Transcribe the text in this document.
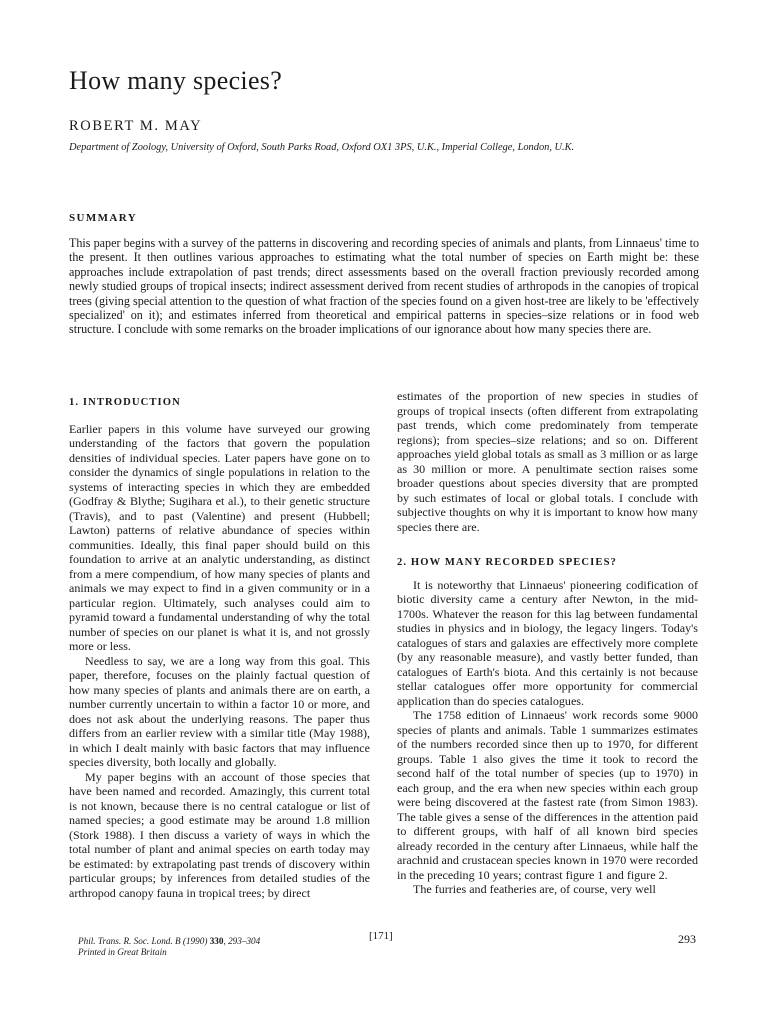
How many species?

ROBERT M. MAY

Department of Zoology, University of Oxford, South Parks Road, Oxford OX1 3PS, U.K., Imperial College, London, U.K.

SUMMARY

This paper begins with a survey of the patterns in discovering and recording species of animals and plants, from Linnaeus' time to the present. It then outlines various approaches to estimating what the total number of species on Earth might be: these approaches include extrapolation of past trends; direct assessments based on the overall fraction previously recorded among newly studied groups of tropical insects; indirect assessment derived from recent studies of arthropods in the canopies of tropical trees (giving special attention to the question of what fraction of the species found on a given host-tree are likely to be 'effectively specialized' on it); and estimates inferred from theoretical and empirical patterns in species–size relations or in food web structure. I conclude with some remarks on the broader implications of our ignorance about how many species there are.

1. INTRODUCTION

Earlier papers in this volume have surveyed our growing understanding of the factors that govern the population densities of individual species. Later papers have gone on to consider the dynamics of single populations in relation to the systems of interacting species in which they are embedded (Godfray & Blythe; Sugihara et al.), to their genetic structure (Travis), and to past (Valentine) and present (Hubbell; Lawton) patterns of relative abundance of species within communities. Ideally, this final paper should build on this foundation to arrive at an analytic understanding, as distinct from a mere compendium, of how many species of plants and animals we may expect to find in a given community or in a particular region. Ultimately, such analyses could aim to pyramid toward a fundamental understanding of why the total number of species on our planet is what it is, and not grossly more or less.

Needless to say, we are a long way from this goal. This paper, therefore, focuses on the plainly factual question of how many species of plants and animals there are on earth, a number currently uncertain to within a factor 10 or more, and does not ask about the underlying reasons. The paper thus differs from an earlier review with a similar title (May 1988), in which I dealt mainly with basic factors that may influence species diversity, both locally and globally.

My paper begins with an account of those species that have been named and recorded. Amazingly, this current total is not known, because there is no central catalogue or list of named species; a good estimate may be around 1.8 million (Stork 1988). I then discuss a variety of ways in which the total number of plant and animal species on earth today may be estimated: by extrapolating past trends of discovery within particular groups; by inferences from detailed studies of the arthropod canopy fauna in tropical trees; by direct

estimates of the proportion of new species in studies of groups of tropical insects (often different from extrapolating past trends, which come predominately from temperate regions); from species–size relations; and so on. Different approaches yield global totals as small as 3 million or as large as 30 million or more. A penultimate section raises some broader questions about species diversity that are prompted by such estimates of local or global totals. I conclude with subjective thoughts on why it is important to know how many species there are.

2. HOW MANY RECORDED SPECIES?

It is noteworthy that Linnaeus' pioneering codification of biotic diversity came a century after Newton, in the mid-1700s. Whatever the reason for this lag between fundamental studies in physics and in biology, the legacy lingers. Today's catalogues of stars and galaxies are effectively more complete (by any reasonable measure), and vastly better funded, than catalogues of Earth's biota. And this certainly is not because stellar catalogues offer more opportunity for commercial application than do species catalogues.

The 1758 edition of Linnaeus' work records some 9000 species of plants and animals. Table 1 summarizes estimates of the numbers recorded since then up to 1970, for different groups. Table 1 also gives the time it took to record the second half of the total number of species (up to 1970) in each group, and the era when new species within each group were being discovered at the fastest rate (from Simon 1983). The table gives a sense of the differences in the attention paid to different groups, with half of all known bird species already recorded in the century after Linnaeus, while half the arachnid and crustacean species known in 1970 were recorded in the preceding 10 years; contrast figure 1 and figure 2.

The furries and featheries are, of course, very well

Phil. Trans. R. Soc. Lond. B (1990) 330, 293–304
Printed in Great Britain

[171]	293
